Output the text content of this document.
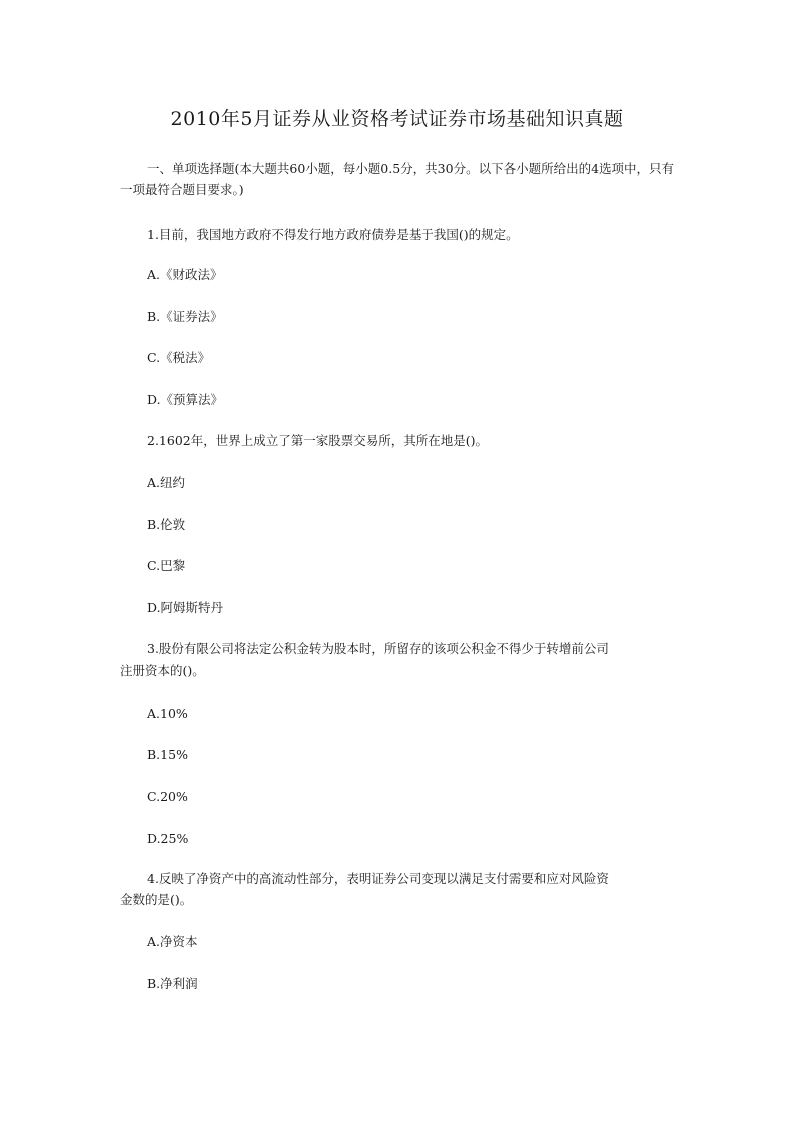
2010年5月证券从业资格考试证券市场基础知识真题
一、单项选择题(本大题共60小题，每小题0.5分，共30分。以下各小题所给出的4选项中，只有一项最符合题目要求。)
1.目前，我国地方政府不得发行地方政府债券是基于我国()的规定。
A.《财政法》
B.《证券法》
C.《税法》
D.《预算法》
2.1602年，世界上成立了第一家股票交易所，其所在地是()。
A.纽约
B.伦敦
C.巴黎
D.阿姆斯特丹
3.股份有限公司将法定公积金转为股本时，所留存的该项公积金不得少于转增前公司
注册资本的()。
A.10%
B.15%
C.20%
D.25%
4.反映了净资产中的高流动性部分，表明证券公司变现以满足支付需要和应对风险资
金数的是()。
A.净资本
B.净利润
